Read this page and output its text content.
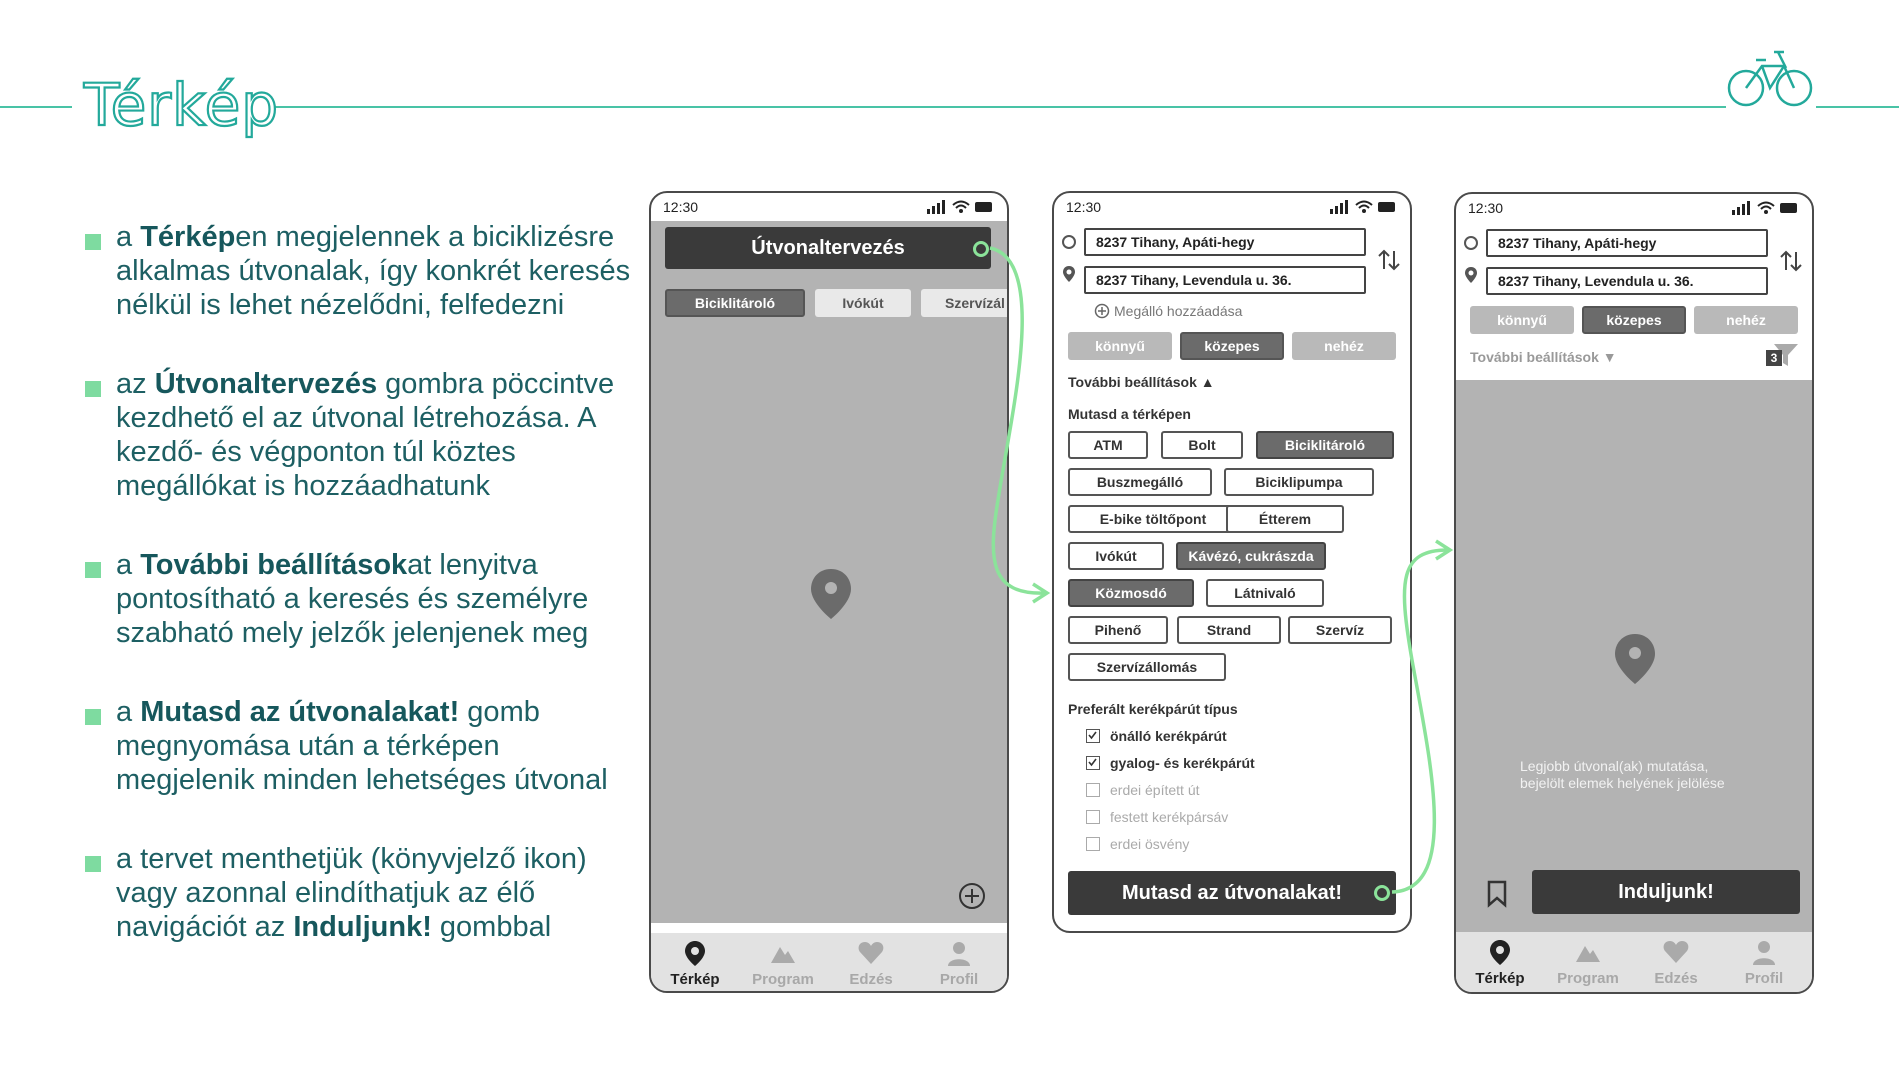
Térkép
a Térképen megjelennek a biciklizésre alkalmas útvonalak, így konkrét keresés nélkül is lehet nézelődni, felfedezni
az Útvonaltervezés gombra pöccintve kezdhető el az útvonal létrehozása. A kezdő- és végponton túl köztes megállókat is hozzáadhatunk
a További beállításokat lenyitva pontosítható a keresés és személyre szabható mely jelzők jelenjenek meg
a Mutasd az útvonalakat! gomb megnyomása után a térképen megjelenik minden lehetséges útvonal
a tervet menthetjük (könyvjelző ikon) vagy azonnal elindíthatjuk az élő navigációt az Induljunk! gombbal
12:30
Útvonaltervezés
Biciklitároló	Ivókút	Szervízál
Térkép	Program	Edzés	Profil
12:30
8237 Tihany, Apáti-hegy
8237 Tihany, Levendula u. 36.
Megálló hozzáadása
könnyű	közepes	nehéz
További beállítások ▲
Mutasd a térképen
ATM	Bolt	Biciklitároló
Buszmegálló	Biciklipumpa
E-bike töltőpont	Étterem
Ivókút	Kávézó, cukrászda
Közmosdó	Látnivaló
Pihenő	Strand	Szervíz
Szervízállomás
Preferált kerékpárút típus
önálló kerékpárút
gyalog- és kerékpárút
erdei épített út
festett kerékpársáv
erdei ösvény
Mutasd az útvonalakat!
12:30
8237 Tihany, Apáti-hegy
8237 Tihany, Levendula u. 36.
könnyű	közepes	nehéz
További beállítások ▼	3
Legjobb útvonal(ak) mutatása,
bejelölt elemek helyének jelölése
Induljunk!
Térkép	Program	Edzés	Profil
